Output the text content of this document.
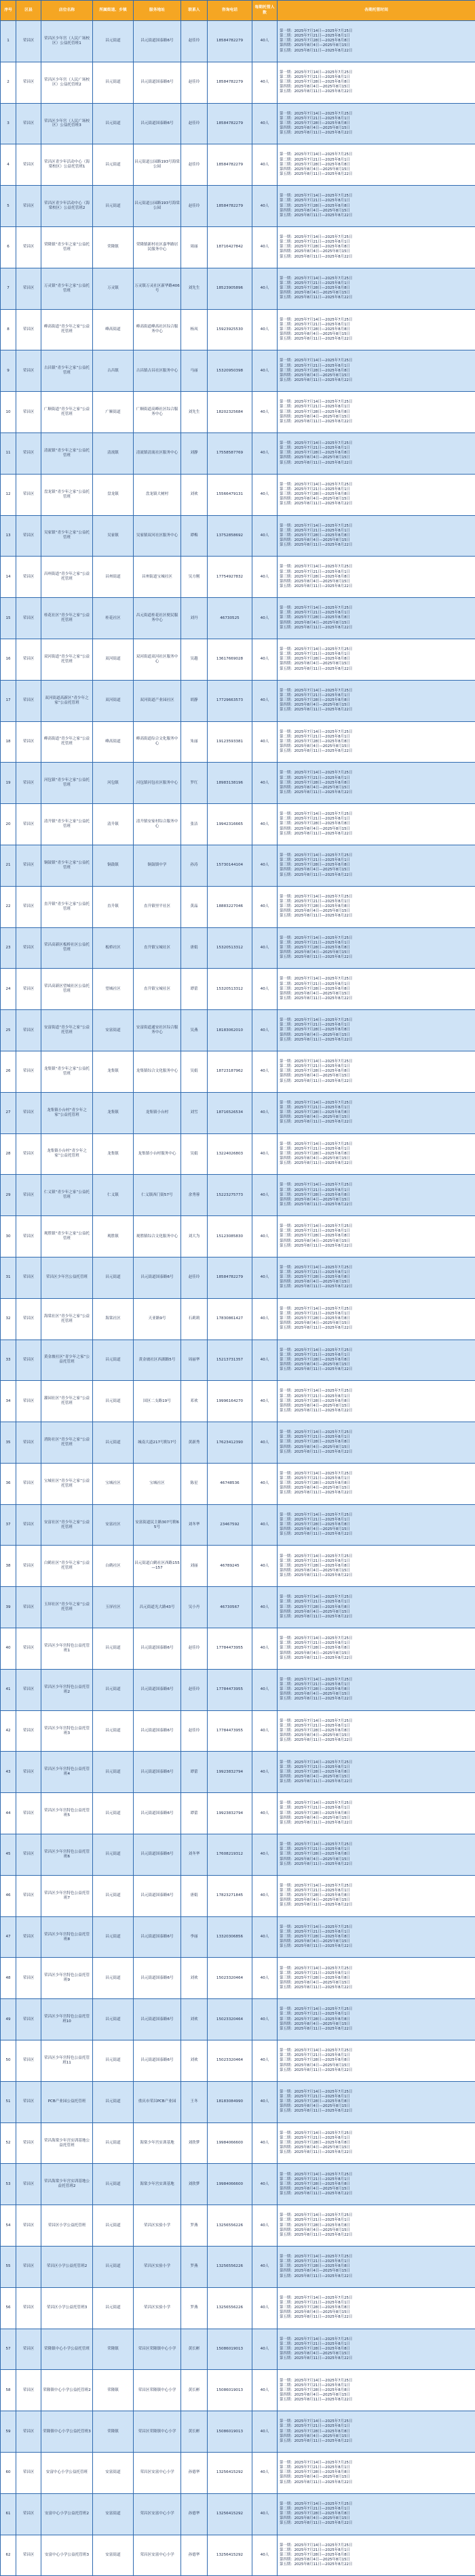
序号	区县	店位名称	所属街道、乡镇	服务地址	联系人	咨询电话	每期托管人数	各期托管时间
1	荣昌区	荣昌区少年宫（人民广场校区）公益托管班1	昌元街道	昌元街道国泰路6号	赵佳玲	18584782279	40人	第一期：2025年7月14日—2025年7月25日
第二期：2025年7月21日—2025年8月1日
第三期：2025年7月28日—2025年8月8日
第四期：2025年8月4日—2025年8月15日
第五期：2025年8月11日—2025年8月22日

2	荣昌区	荣昌区少年宫（人民广场校区）公益托管班2	昌元街道	昌元街道国泰路6号	赵佳玲	18584782279	40人	第一期：2025年7月14日—2025年7月25日
第二期：2025年7月21日—2025年8月1日
第三期：2025年7月28日—2025年8月8日
第四期：2025年8月4日—2025年8月15日
第五期：2025年8月11日—2025年8月22日

3	荣昌区	荣昌区少年宫（人民广场校区）公益托管班3	昌元街道	昌元街道国泰路6号	赵佳玲	18584782279	40人	第一期：2025年7月14日—2025年7月25日
第二期：2025年7月21日—2025年8月1日
第三期：2025年7月28日—2025年8月8日
第四期：2025年8月4日—2025年8月15日
第五期：2025年8月11日—2025年8月22日

4	荣昌区	荣昌区青少年活动中心（海棠校区）公益托管班1	昌元街道	昌元街道公园路193号海棠公园	赵佳玲	18584782279	40人	第一期：2025年7月14日—2025年7月25日
第二期：2025年7月21日—2025年8月1日
第三期：2025年7月28日—2025年8月8日
第四期：2025年8月4日—2025年8月15日
第五期：2025年8月11日—2025年8月22日

5	荣昌区	荣昌区青少年活动中心（海棠校区）公益托管班2	昌元街道	昌元街道公园路193号海棠公园	赵佳玲	18584782279	40人	第一期：2025年7月14日—2025年7月25日
第二期：2025年7月21日—2025年8月1日
第三期：2025年7月28日—2025年8月8日
第四期：2025年8月4日—2025年8月15日
第五期：2025年8月11日—2025年8月22日

6	荣昌区	荣隆镇“青少年之家”公益托管班	荣隆镇	荣隆镇新村社区嘉华路居民服务中心	周丽	18716427842	40人	第一期：2025年7月14日—2025年7月25日
第二期：2025年7月21日—2025年8月1日
第三期：2025年7月28日—2025年8月8日
第四期：2025年8月4日—2025年8月15日
第五期：2025年8月11日—2025年8月22日

7	荣昌区	万灵镇“青少年之家”公益托管班	万灵镇	万灵镇万灵社区新华路406号	刘先生	18523905896	40人	第一期：2025年7月14日—2025年7月25日
第二期：2025年7月21日—2025年8月1日
第三期：2025年7月28日—2025年8月8日
第四期：2025年8月4日—2025年8月15日
第五期：2025年8月11日—2025年8月22日

8	荣昌区	峰高街道“青少年之家”公益托管班	峰高街道	峰高街道峰高社区综合服务中心	杨凤	15923925530	40人	第一期：2025年7月14日—2025年7月25日
第二期：2025年7月21日—2025年8月1日
第三期：2025年7月28日—2025年8月8日
第四期：2025年8月4日—2025年8月15日
第五期：2025年8月11日—2025年8月22日

9	荣昌区	古昌镇“青少年之家”公益托管班	古昌镇	古昌镇古昌社区服务中心	马丽	15320950398	40人	第一期：2025年7月14日—2025年7月25日
第二期：2025年7月21日—2025年8月1日
第三期：2025年7月28日—2025年8月8日
第四期：2025年8月4日—2025年8月15日
第五期：2025年8月11日—2025年8月22日

10	荣昌区	广顺街道“青少年之家”公益托管班	广顺街道	广顺街道高峰社区综合服务中心	刘先生	18202325684	40人	第一期：2025年7月14日—2025年7月25日
第二期：2025年7月21日—2025年8月1日
第三期：2025年7月28日—2025年8月8日
第四期：2025年8月4日—2025年8月15日
第五期：2025年8月11日—2025年8月22日

11	荣昌区	清流镇“青少年之家”公益托管班	清流镇	清流镇清流社区服务中心	刘静	17558587769	40人	第一期：2025年7月14日—2025年7月25日
第二期：2025年7月21日—2025年8月1日
第三期：2025年7月28日—2025年8月8日
第四期：2025年8月4日—2025年8月15日
第五期：2025年8月11日—2025年8月22日

12	荣昌区	盘龙镇“青少年之家”公益托管班	盘龙镇	盘龙镇大树村	刘欢	15566479131	40人	第一期：2025年7月14日—2025年7月25日
第二期：2025年7月21日—2025年8月1日
第三期：2025年7月28日—2025年8月8日
第四期：2025年8月4日—2025年8月15日
第五期：2025年8月11日—2025年8月22日

13	荣昌区	吴家镇“青少年之家”公益托管班	吴家镇	吴家镇双河社区服务中心	谭梅	13752858692	40人	第一期：2025年7月14日—2025年7月25日
第二期：2025年7月21日—2025年8月1日
第三期：2025年7月28日—2025年8月8日
第四期：2025年8月4日—2025年8月15日
第五期：2025年8月11日—2025年8月22日

14	荣昌区	昌州街道“青少年之家”公益托管班	昌州街道	昌州街道宝城社区	吴方刚	17754927832	40人	第一期：2025年7月14日—2025年7月25日
第二期：2025年7月21日—2025年8月1日
第三期：2025年7月28日—2025年8月8日
第四期：2025年8月4日—2025年8月15日
第五期：2025年8月11日—2025年8月22日

15	荣昌区	桂花社区“青少年之家”公益托管班	桂花社区	昌元街道桂花社区便民服务中心	刘丹	46730525	40人	第一期：2025年7月14日—2025年7月25日
第二期：2025年7月21日—2025年8月1日
第三期：2025年7月28日—2025年8月8日
第四期：2025年8月4日—2025年8月15日
第五期：2025年8月11日—2025年8月22日

16	荣昌区	双河街道“青少年之家”公益托管班	双河街道	双河街道双河社区服务中心	吴越	13617669028	40人	第一期：2025年7月14日—2025年7月25日
第二期：2025年7月21日—2025年8月1日
第三期：2025年7月28日—2025年8月8日
第四期：2025年8月4日—2025年8月15日
第五期：2025年8月11日—2025年8月22日

17	荣昌区	双河街道高新区“青少年之家”公益托管班	双河街道	双河街道产业园社区	胡静	17729663573	40人	第一期：2025年7月14日—2025年7月25日
第二期：2025年7月21日—2025年8月1日
第三期：2025年7月28日—2025年8月8日
第四期：2025年8月4日—2025年8月15日
第五期：2025年8月11日—2025年8月22日

18	荣昌区	峰高街道“青少年之家”公益托管班	峰高街道	峰高街道综合文化服务中心	朱丽	19123593381	40人	第一期：2025年7月14日—2025年7月25日
第二期：2025年7月21日—2025年8月1日
第三期：2025年7月28日—2025年8月8日
第四期：2025年8月4日—2025年8月15日
第五期：2025年8月11日—2025年8月22日

19	荣昌区	河包镇“青少年之家”公益托管班	河包镇	河包镇河包社区服务中心	罗红	18983138196	40人	第一期：2025年7月14日—2025年7月25日
第二期：2025年7月21日—2025年8月1日
第三期：2025年7月28日—2025年8月8日
第四期：2025年8月4日—2025年8月15日
第五期：2025年8月11日—2025年8月22日

20	荣昌区	清升镇“青少年之家”公益托管班	清升镇	清升镇安家村综合服务中心	张洁	19942316665	40人	第一期：2025年7月14日—2025年7月25日
第二期：2025年7月21日—2025年8月1日
第三期：2025年7月28日—2025年8月8日
第四期：2025年8月4日—2025年8月15日
第五期：2025年8月11日—2025年8月22日

21	荣昌区	铜鼓镇“青少年之家”公益托管班	铜鼓镇	铜鼓镇中学	孙涛	15730144104	40人	第一期：2025年7月14日—2025年7月25日
第二期：2025年7月21日—2025年8月1日
第三期：2025年7月28日—2025年8月8日
第四期：2025年8月4日—2025年8月15日
第五期：2025年8月11日—2025年8月22日

22	荣昌区	直升镇“青少年之家”公益托管班	直升镇	直升镇里平社区	黄晶	18883227046	40人	第一期：2025年7月14日—2025年7月25日
第二期：2025年7月21日—2025年8月1日
第三期：2025年7月28日—2025年8月8日
第四期：2025年8月4日—2025年8月15日
第五期：2025年8月11日—2025年8月22日

23	荣昌区	荣昌高新区板桥社区公益托管班	板桥社区	直升镇宝城社区	唐娟	15320513312	40人	第一期：2025年7月14日—2025年7月25日
第二期：2025年7月21日—2025年8月1日
第三期：2025年7月28日—2025年8月8日
第四期：2025年8月4日—2025年8月15日
第五期：2025年8月11日—2025年8月22日

24	荣昌区	荣昌高新区望城社区公益托管班	望城社区	直升镇宝城社区	谭蕾	15320513312	40人	第一期：2025年7月14日—2025年7月25日
第二期：2025年7月21日—2025年8月1日
第三期：2025年7月28日—2025年8月8日
第四期：2025年8月4日—2025年8月15日
第五期：2025年8月11日—2025年8月22日

25	荣昌区	安富街道“青少年之家”公益托管班	安富街道	安富街道通安社区综合服务中心	吴燕	18183062010	40人	第一期：2025年7月14日—2025年7月25日
第二期：2025年7月21日—2025年8月1日
第三期：2025年7月28日—2025年8月8日
第四期：2025年8月4日—2025年8月15日
第五期：2025年8月11日—2025年8月22日

26	荣昌区	龙集镇“青少年之家”公益托管班	龙集镇	龙集镇综合文化服务中心	吴娟	18723187962	40人	第一期：2025年7月14日—2025年7月25日
第二期：2025年7月21日—2025年8月1日
第三期：2025年7月28日—2025年8月8日
第四期：2025年8月4日—2025年8月15日
第五期：2025年8月11日—2025年8月22日

27	荣昌区	龙集镇小台村“青少年之家”公益托管班	龙集镇	龙集镇小台村	刘雪	18716526534	40人	第一期：2025年7月14日—2025年7月25日
第二期：2025年7月21日—2025年8月1日
第三期：2025年7月28日—2025年8月8日
第四期：2025年8月4日—2025年8月15日
第五期：2025年8月11日—2025年8月22日

28	荣昌区	龙集镇小台村“青少年之家”公益托管班	龙集镇	龙集镇小台村服务中心	吴娟	13224026803	40人	第一期：2025年7月14日—2025年7月25日
第二期：2025年7月21日—2025年8月1日
第三期：2025年7月28日—2025年8月8日
第四期：2025年8月4日—2025年8月15日
第五期：2025年8月11日—2025年8月22日

29	荣昌区	仁义镇“青少年之家”公益托管班	仁义镇	仁义镇西门街57号	余秀蓉	15223275773	40人	第一期：2025年7月14日—2025年7月25日
第二期：2025年7月21日—2025年8月1日
第三期：2025年7月28日—2025年8月8日
第四期：2025年8月4日—2025年8月15日
第五期：2025年8月11日—2025年8月22日

30	荣昌区	观胜镇“青少年之家”公益托管班	观胜镇	观胜镇综合文化服务中心	刘大为	15123085830	40人	第一期：2025年7月14日—2025年7月25日
第二期：2025年7月21日—2025年8月1日
第三期：2025年7月28日—2025年8月8日
第四期：2025年8月4日—2025年8月15日
第五期：2025年8月11日—2025年8月22日

31	荣昌区	荣昌区少年宫公益托管班	昌元街道	昌元街道国泰路6号	赵佳玲	18584782279	40人	第一期：2025年7月14日—2025年7月25日
第二期：2025年7月21日—2025年8月1日
第三期：2025年7月28日—2025年8月8日
第四期：2025年8月4日—2025年8月15日
第五期：2025年8月11日—2025年8月22日

32	荣昌区	海棠社区“青少年之家”公益托管班	海棠社区	天亚路9号	石莉莉	17830861427	40人	第一期：2025年7月14日—2025年7月25日
第二期：2025年7月21日—2025年8月1日
第三期：2025年7月28日—2025年8月8日
第四期：2025年8月4日—2025年8月15日
第五期：2025年8月11日—2025年8月22日

33	荣昌区	黄金坡社区“青少年之家”公益托管班	昌元街道	黄金坡社区西湖路5号	周丽华	15213731357	40人	第一期：2025年7月14日—2025年7月25日
第二期：2025年7月21日—2025年8月1日
第三期：2025年7月28日—2025年8月8日
第四期：2025年8月4日—2025年8月15日
第五期：2025年8月11日—2025年8月22日

34	荣昌区	灌园社区“青少年之家”公益托管班	昌元街道	国区二支路19号	邓欢	19996164270	40人	第一期：2025年7月14日—2025年7月25日
第二期：2025年7月21日—2025年8月1日
第三期：2025年7月28日—2025年8月8日
第四期：2025年8月4日—2025年8月15日
第五期：2025年8月11日—2025年8月22日

35	荣昌区	消防社区“青少年之家”公益托管班	昌元街道	城南大道217号附17号	黄新秀	17623412390	40人	第一期：2025年7月14日—2025年7月25日
第二期：2025年7月21日—2025年8月1日
第三期：2025年7月28日—2025年8月8日
第四期：2025年8月4日—2025年8月15日
第五期：2025年8月11日—2025年8月22日

36	荣昌区	宝城社区“青少年之家”公益托管班	宝城社区	宝城社区	陈星	46748536	40人	第一期：2025年7月14日—2025年7月25日
第二期：2025年7月21日—2025年8月1日
第三期：2025年7月28日—2025年8月8日
第四期：2025年8月4日—2025年8月15日
第五期：2025年8月11日—2025年8月22日

37	荣昌区	安富社区“青少年之家”公益托管班	安富社区	安富街道民主路307号附65号	刘冬华	23467592	40人	第一期：2025年7月14日—2025年7月25日
第二期：2025年7月21日—2025年8月1日
第三期：2025年7月28日—2025年8月8日
第四期：2025年8月4日—2025年8月15日
第五期：2025年8月11日—2025年8月22日

38	荣昌区	白鹤社区“青少年之家”公益托管班	白鹤社区	昌元街道白鹤社区西路155—157	刘丽	46789245	40人	第一期：2025年7月14日—2025年7月25日
第二期：2025年7月21日—2025年8月1日
第三期：2025年7月28日—2025年8月8日
第四期：2025年8月4日—2025年8月15日
第五期：2025年8月11日—2025年8月22日

39	荣昌区	玉屏社区“青少年之家”公益托管班	玉屏社区	昌元街道光大路43号	吴小丹	46730567	40人	第一期：2025年7月14日—2025年7月25日
第二期：2025年7月21日—2025年8月1日
第三期：2025年7月28日—2025年8月8日
第四期：2025年8月4日—2025年8月15日
第五期：2025年8月11日—2025年8月22日

40	荣昌区	荣昌区少年宫特色公益托管班1	昌元街道	昌元街道国泰路6号	赵佳玲	17784473955	40人	第一期：2025年7月14日—2025年7月25日
第二期：2025年7月21日—2025年8月1日
第三期：2025年7月28日—2025年8月8日
第四期：2025年8月4日—2025年8月15日
第五期：2025年8月11日—2025年8月22日

41	荣昌区	荣昌区少年宫特色公益托管班2	昌元街道	昌元街道国泰路6号	赵佳玲	17784473955	40人	第一期：2025年7月14日—2025年7月25日
第二期：2025年7月21日—2025年8月1日
第三期：2025年7月28日—2025年8月8日
第四期：2025年8月4日—2025年8月15日
第五期：2025年8月11日—2025年8月22日

42	荣昌区	荣昌区少年宫特色公益托管班3	昌元街道	昌元街道国泰路6号	赵佳玲	17784473955	40人	第一期：2025年7月14日—2025年7月25日
第二期：2025年7月21日—2025年8月1日
第三期：2025年7月28日—2025年8月8日
第四期：2025年8月4日—2025年8月15日
第五期：2025年8月11日—2025年8月22日

43	荣昌区	荣昌区少年宫特色公益托管班4	昌元街道	昌元街道国泰路6号	谭蕾	19923832794	40人	第一期：2025年7月14日—2025年7月25日
第二期：2025年7月21日—2025年8月1日
第三期：2025年7月28日—2025年8月8日
第四期：2025年8月4日—2025年8月15日
第五期：2025年8月11日—2025年8月22日

44	荣昌区	荣昌区少年宫特色公益托管班5	昌元街道	昌元街道国泰路6号	谭蕾	19923832794	40人	第一期：2025年7月14日—2025年7月25日
第二期：2025年7月21日—2025年8月1日
第三期：2025年7月28日—2025年8月8日
第四期：2025年8月4日—2025年8月15日
第五期：2025年8月11日—2025年8月22日

45	荣昌区	荣昌区少年宫特色公益托管班6	昌元街道	昌元街道国泰路6号	刘冬华	17608219312	40人	第一期：2025年7月14日—2025年7月25日
第二期：2025年7月21日—2025年8月1日
第三期：2025年7月28日—2025年8月8日
第四期：2025年8月4日—2025年8月15日
第五期：2025年8月11日—2025年8月22日

46	荣昌区	荣昌区少年宫特色公益托管班7	昌元街道	昌元街道国泰路6号	唐娟	17823271845	40人	第一期：2025年7月14日—2025年7月25日
第二期：2025年7月21日—2025年8月1日
第三期：2025年7月28日—2025年8月8日
第四期：2025年8月4日—2025年8月15日
第五期：2025年8月11日—2025年8月22日

47	荣昌区	荣昌区少年宫特色公益托管班8	昌元街道	昌元街道国泰路6号	李丽	13320306856	40人	第一期：2025年7月14日—2025年7月25日
第二期：2025年7月21日—2025年8月1日
第三期：2025年7月28日—2025年8月8日
第四期：2025年8月4日—2025年8月15日
第五期：2025年8月11日—2025年8月22日

48	荣昌区	荣昌区少年宫特色公益托管班9	昌元街道	昌元街道国泰路6号	刘欢	15023320464	40人	第一期：2025年7月14日—2025年7月25日
第二期：2025年7月21日—2025年8月1日
第三期：2025年7月28日—2025年8月8日
第四期：2025年8月4日—2025年8月15日
第五期：2025年8月11日—2025年8月22日

49	荣昌区	荣昌区少年宫特色公益托管班10	昌元街道	昌元街道国泰路6号	刘欢	15023320464	40人	第一期：2025年7月14日—2025年7月25日
第二期：2025年7月21日—2025年8月1日
第三期：2025年7月28日—2025年8月8日
第四期：2025年8月4日—2025年8月15日
第五期：2025年8月11日—2025年8月22日

50	荣昌区	荣昌区少年宫特色公益托管班11	昌元街道	昌元街道国泰路6号	刘欢	15023320464	40人	第一期：2025年7月14日—2025年7月25日
第二期：2025年7月21日—2025年8月1日
第三期：2025年7月28日—2025年8月8日
第四期：2025年8月4日—2025年8月15日
第五期：2025年8月11日—2025年8月22日

51	荣昌区	PCB产业园公益托管班	昌元街道	重庆市荣昌PCB产业园	王冬	18183084990	40人	第一期：2025年7月14日—2025年7月25日
第二期：2025年7月21日—2025年8月1日
第三期：2025年7月28日—2025年8月8日
第四期：2025年8月4日—2025年8月15日
第五期：2025年8月11日—2025年8月22日

52	荣昌区	荣昌海棠少年宫实训基地公益托管班	昌元街道	海棠少年宫实训基地	刘欣梦	19984066600	40人	第一期：2025年7月14日—2025年7月25日
第二期：2025年7月21日—2025年8月1日
第三期：2025年7月28日—2025年8月8日
第四期：2025年8月4日—2025年8月15日
第五期：2025年8月11日—2025年8月22日

53	荣昌区	荣昌海棠少年宫实训基地公益托管班2	昌元街道	海棠少年宫实训基地	刘欣梦	19984066600	40人	第一期：2025年7月14日—2025年7月25日
第二期：2025年7月21日—2025年8月1日
第三期：2025年7月28日—2025年8月8日
第四期：2025年8月4日—2025年8月15日
第五期：2025年8月11日—2025年8月22日

54	荣昌区	荣昌区小学公益托管班	昌元街道	荣昌区实验小学	罗燕	13256556226	40人	第一期：2025年7月14日—2025年7月25日
第二期：2025年7月21日—2025年8月1日
第三期：2025年7月28日—2025年8月8日
第四期：2025年8月4日—2025年8月15日
第五期：2025年8月11日—2025年8月22日

55	荣昌区	荣昌区小学公益托管班2	昌元街道	荣昌区实验小学	罗燕	13256556226	40人	第一期：2025年7月14日—2025年7月25日
第二期：2025年7月21日—2025年8月1日
第三期：2025年7月28日—2025年8月8日
第四期：2025年8月4日—2025年8月15日
第五期：2025年8月11日—2025年8月22日

56	荣昌区	荣昌区小学公益托管班3	昌元街道	荣昌区实验小学	罗燕	13256556226	40人	第一期：2025年7月14日—2025年7月25日
第二期：2025年7月21日—2025年8月1日
第三期：2025年7月28日—2025年8月8日
第四期：2025年8月4日—2025年8月15日
第五期：2025年8月11日—2025年8月22日

57	荣昌区	荣隆镇中心小学公益托管班	荣隆镇	荣昌区荣隆镇中心小学	黄长彬	15086019013	40人	第一期：2025年7月14日—2025年7月25日
第二期：2025年7月21日—2025年8月1日
第三期：2025年7月28日—2025年8月8日
第四期：2025年8月4日—2025年8月15日
第五期：2025年8月11日—2025年8月22日

58	荣昌区	荣隆镇中心小学公益托管班2	荣隆镇	荣昌区荣隆镇中心小学	黄长彬	15086019013	40人	第一期：2025年7月14日—2025年7月25日
第二期：2025年7月21日—2025年8月1日
第三期：2025年7月28日—2025年8月8日
第四期：2025年8月4日—2025年8月15日
第五期：2025年8月11日—2025年8月22日

59	荣昌区	荣隆镇中心小学公益托管班3	荣隆镇	荣昌区荣隆镇中心小学	黄长彬	15086019013	40人	第一期：2025年7月14日—2025年7月25日
第二期：2025年7月21日—2025年8月1日
第三期：2025年7月28日—2025年8月8日
第四期：2025年8月4日—2025年8月15日
第五期：2025年8月11日—2025年8月22日

60	荣昌区	安富中心小学公益托管班	安富街道	荣昌区安富中心小学	孙德华	13256415292	40人	第一期：2025年7月14日—2025年7月25日
第二期：2025年7月21日—2025年8月1日
第三期：2025年7月28日—2025年8月8日
第四期：2025年8月4日—2025年8月15日
第五期：2025年8月11日—2025年8月22日

61	荣昌区	安富中心小学公益托管班2	安富街道	荣昌区安富中心小学	孙德华	13256415292	40人	第一期：2025年7月14日—2025年7月25日
第二期：2025年7月21日—2025年8月1日
第三期：2025年7月28日—2025年8月8日
第四期：2025年8月4日—2025年8月15日
第五期：2025年8月11日—2025年8月22日

62	荣昌区	安富中心小学公益托管班3	安富街道	荣昌区安富中心小学	孙德华	13256415292	40人	第一期：2025年7月14日—2025年7月25日
第二期：2025年7月21日—2025年8月1日
第三期：2025年7月28日—2025年8月8日
第四期：2025年8月4日—2025年8月15日
第五期：2025年8月11日—2025年8月22日
